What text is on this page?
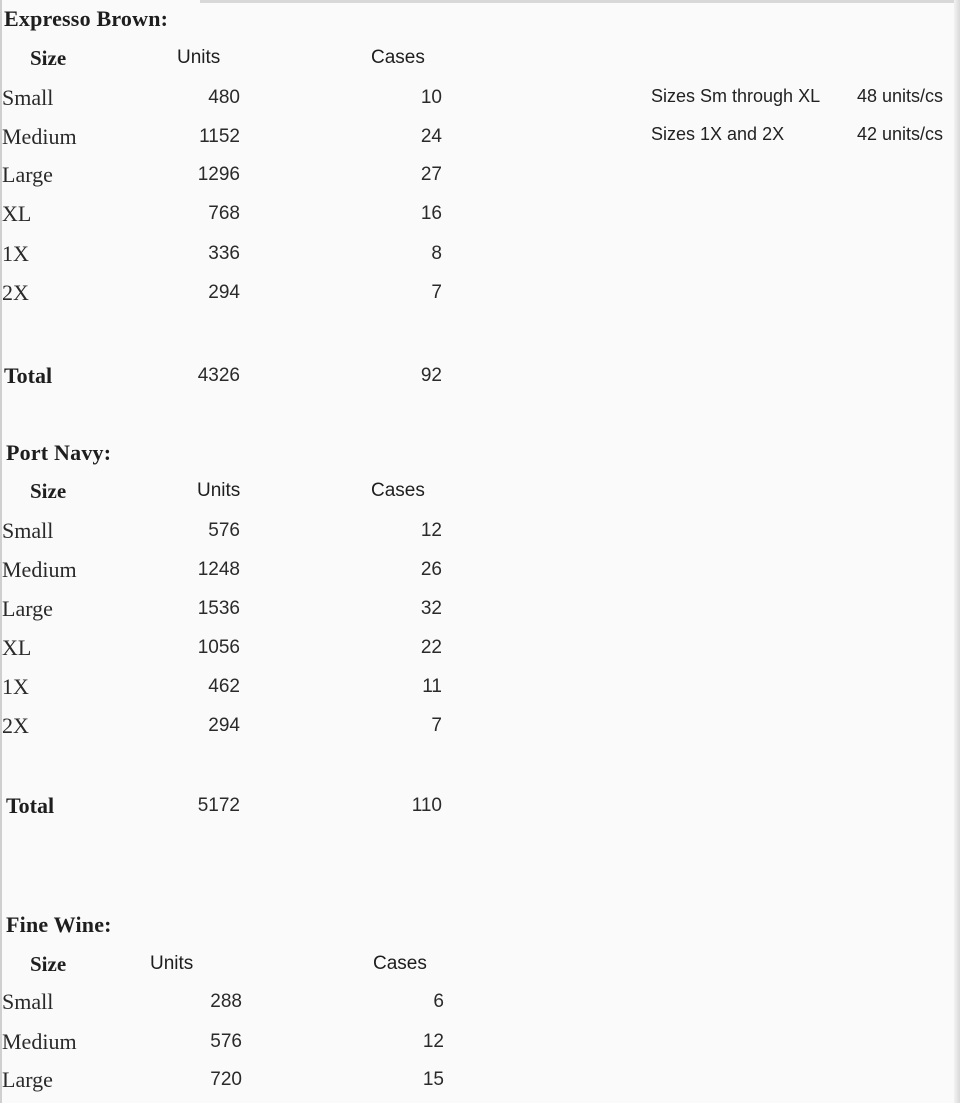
Expresso Brown:
Size	Units	Cases
Small	480	10
Medium	1152	24
Large	1296	27
XL	768	16
1X	336	8
2X	294	7
Total	4326	92
Sizes Sm through XL 48 units/cs
Sizes 1X and 2X	42 units/cs
Port Navy:
Size	Units	Cases
Small	576	12
Medium	1248	26
Large	1536	32
XL	1056	22
1X	462	11
2X	294	7
Total	5172	110
Fine Wine:
Size	Units	Cases
Small	288	6
Medium	576	12
Large	720	15
